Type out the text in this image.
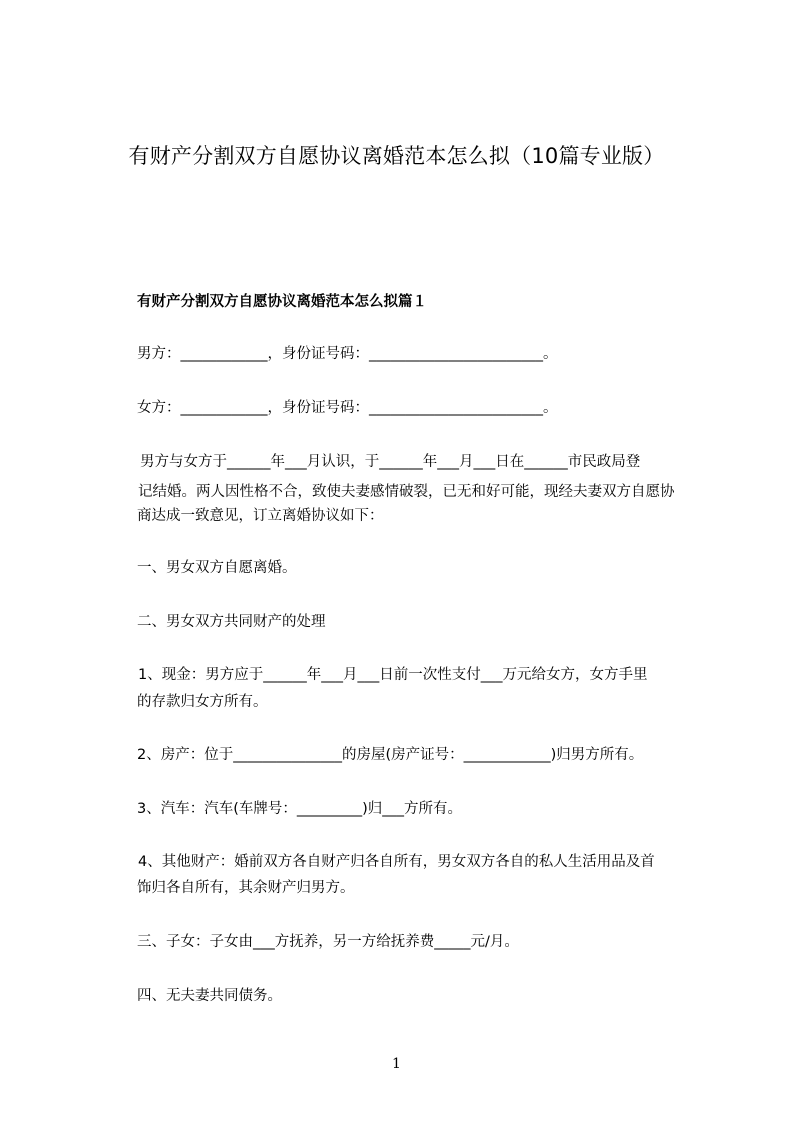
有财产分割双方自愿协议离婚范本怎么拟（10篇专业版）
有财产分割双方自愿协议离婚范本怎么拟篇１
男方：____________，身份证号码：________________________。
女方：____________，身份证号码：________________________。
男方与女方于______年___月认识，于______年___月___日在______市民政局登
记结婚。两人因性格不合，致使夫妻感情破裂，已无和好可能，现经夫妻双方自愿协
商达成一致意见，订立离婚协议如下：
一、男女双方自愿离婚。
二、男女双方共同财产的处理
1、现金：男方应于______年___月___日前一次性支付___万元给女方，女方手里
的存款归女方所有。
2、房产：位于_______________的房屋(房产证号：____________)归男方所有。
3、汽车：汽车(车牌号：_________)归___方所有。
4、其他财产：婚前双方各自财产归各自所有，男女双方各自的私人生活用品及首
饰归各自所有，其余财产归男方。
三、子女：子女由___方抚养，另一方给抚养费_____元/月。
四、无夫妻共同债务。
1
